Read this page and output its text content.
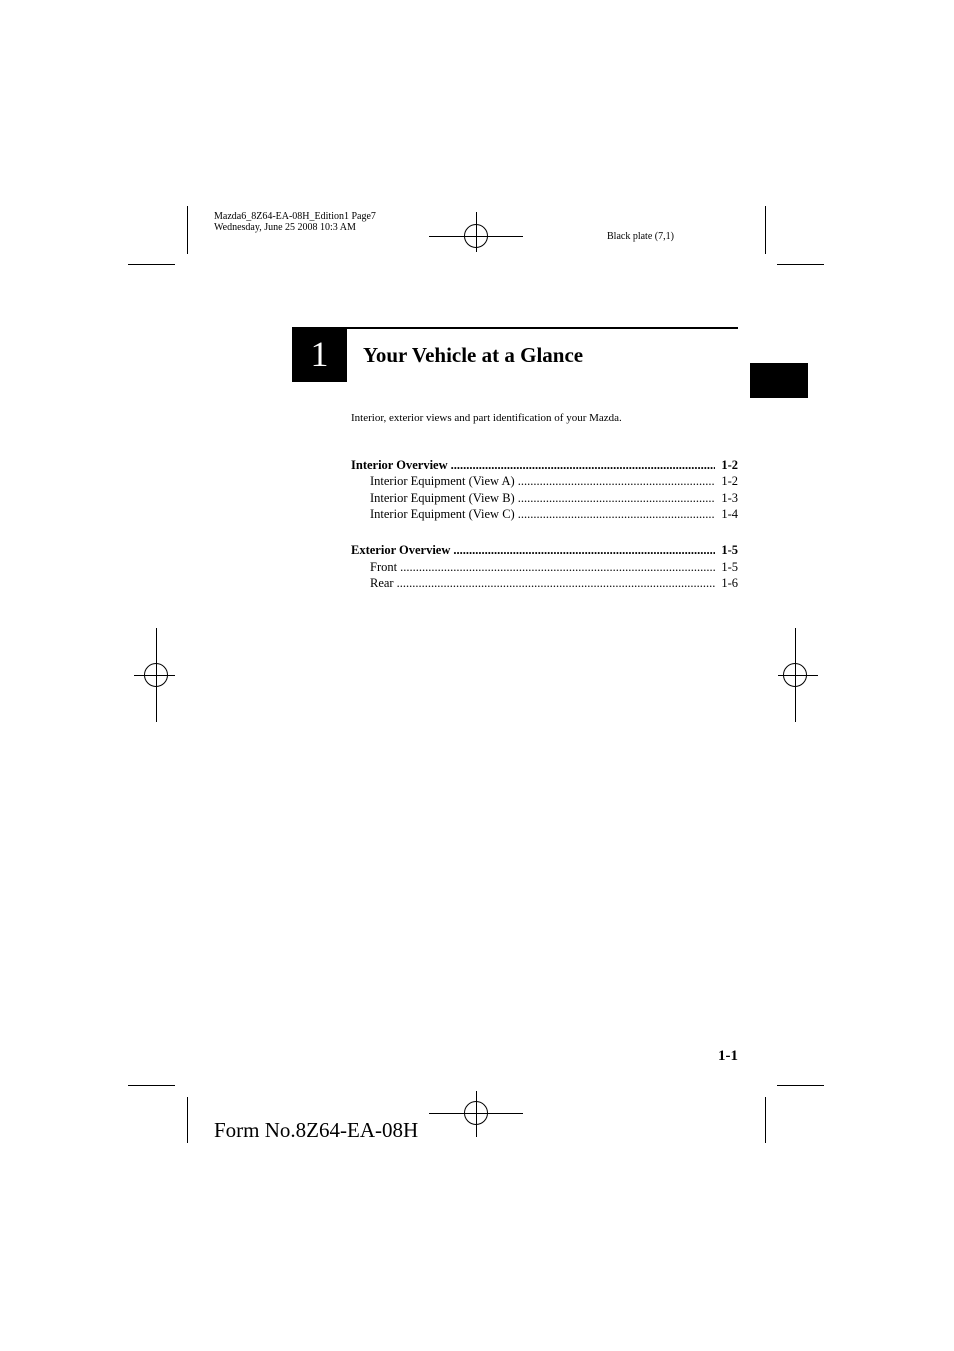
Mazda6_8Z64-EA-08H_Edition1 Page7
Wednesday, June 25 2008 10:3 AM
Black plate (7,1)
1	Your Vehicle at a Glance
Interior, exterior views and part identification of your Mazda.
Interior Overview .....	1-2
Interior Equipment (View A) .....	1-2
Interior Equipment (View B) .....	1-3
Interior Equipment (View C) .....	1-4
Exterior Overview .....	1-5
Front .....	1-5
Rear .....	1-6
1-1
Form No.8Z64-EA-08H
